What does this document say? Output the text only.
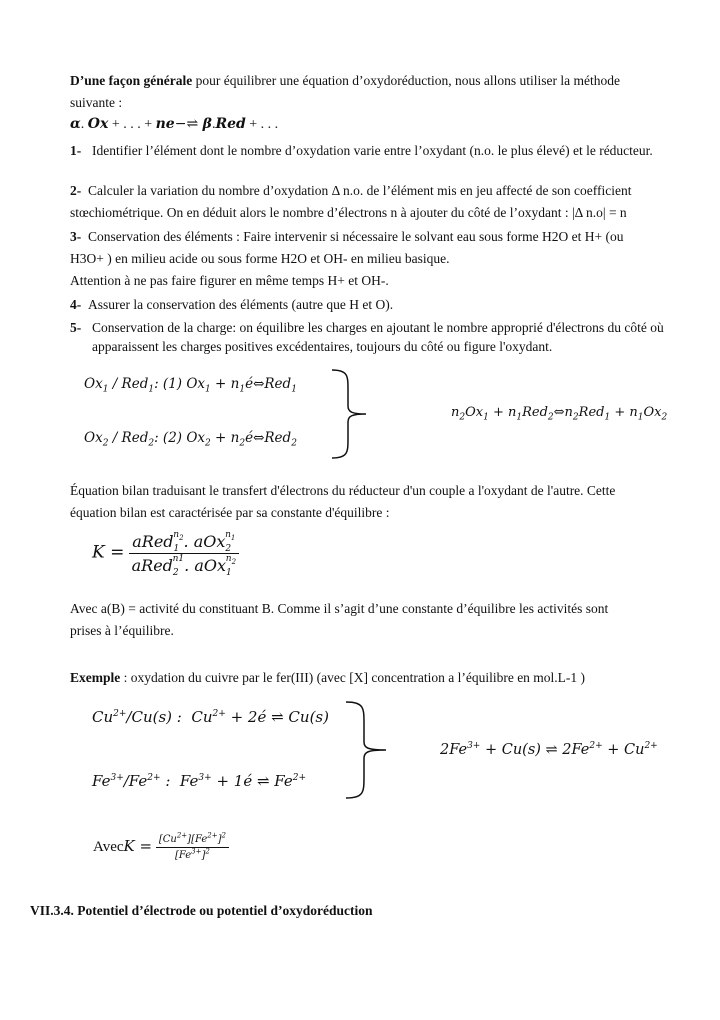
D’une façon générale pour équilibrer une équation d’oxydoréduction, nous allons utiliser la méthode
suivante :
α. Ox + . . . + ne−⇌ β.Red + . . .
1- Identifier l’élément dont le nombre d’oxydation varie entre l’oxydant (n.o. le plus élevé) et le réducteur.
2- Calculer la variation du nombre d’oxydation Δ n.o. de l’élément mis en jeu affecté de son coefficient
stœchiométrique. On en déduit alors le nombre d’électrons n à ajouter du côté de l’oxydant : |Δ n.o| = n
3- Conservation des éléments : Faire intervenir si nécessaire le solvant eau sous forme H2O et H+ (ou
H3O+ ) en milieu acide ou sous forme H2O et OH- en milieu basique.
Attention à ne pas faire figurer en même temps H+ et OH-.
4- Assurer la conservation des éléments (autre que H et O).
5- Conservation de la charge: on équilibre les charges en ajoutant le nombre approprié d'électrons du côté où apparaissent les charges positives excédentaires, toujours du côté ou figure l'oxydant.
$Ox_1 / Red_1$: (1) $Ox_1$ + $n_1é\Leftrightarrow Red_1$
$Ox_2 / Red_2$: (2) $Ox_2$ + $n_2é\Leftrightarrow Red_2$
$n_2Ox_1$ + $n_1Red_2\Leftrightarrow n_2Red_1 + n_1Ox_2$
Équation bilan traduisant le transfert d'électrons du réducteur d'un couple a l'oxydant de l'autre. Cette
équation bilan est caractérisée par sa constante d'équilibre :
$K = \frac{aRed_1^{n_2}. aOx_2^{n_1}}{aRed_2^{n1}. aOx_1^{n_2}}$
Avec a(B) = activité du constituant B. Comme il s’agit d’une constante d’équilibre les activités sont
prises à l’équilibre.
Exemple : oxydation du cuivre par le fer(III) (avec [X] concentration a l’équilibre en mol.L-1 )
$Cu^{2+}/Cu(s)$ :  $Cu^{2+}$ + 2é ⇌ Cu(s)
$Fe^{3+}/Fe^{2+}$ :  $Fe^{3+}$ + 1é ⇌ $Fe^{2+}$
$2Fe^{3+} + Cu(s)$ ⇌ $2Fe^{2+} + Cu^{2+}$
AvecK = $\frac{[Cu^{2+}][Fe^{2+}]^2}{[Fe^{3+}]^2}$
VII.3.4. Potentiel d’électrode ou potentiel d’oxydoréduction
